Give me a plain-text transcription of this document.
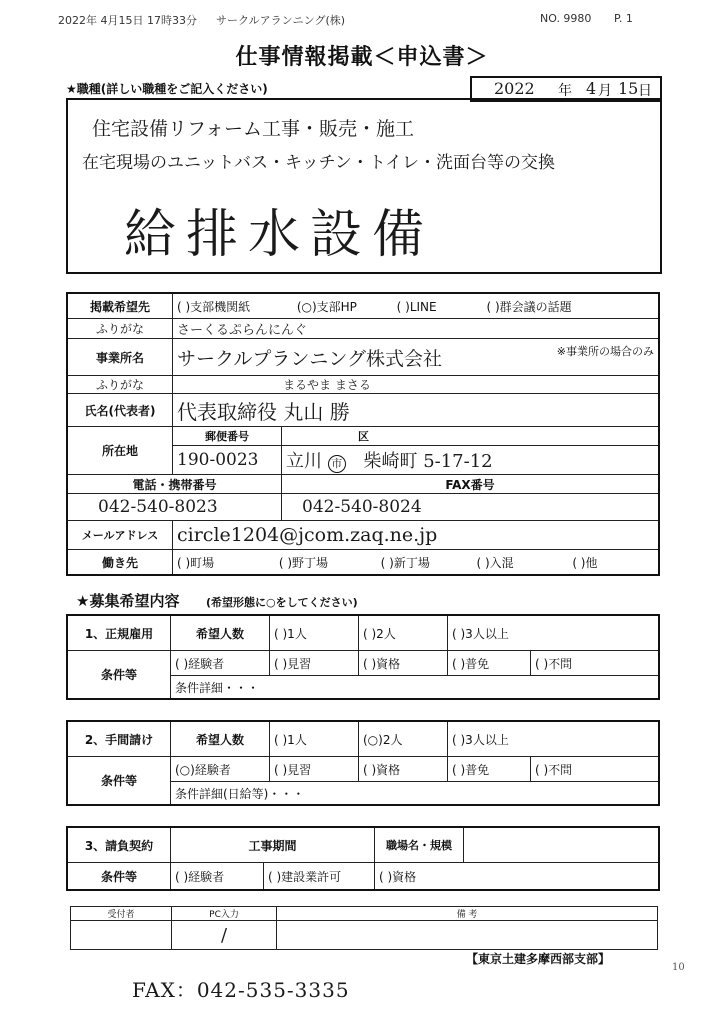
2022年 4月15日 17時33分 サークルアランニング(株)	NO. 9980 P. 1
仕事情報掲載＜申込書＞
★職種(詳しい職種をご記入ください)	2022 年 4 月 15 日
住宅設備リフォーム工事・販売・施工
在宅現場のユニットバス・キッチン・トイレ・洗面台等の交換
給排水設備
掲載希望先	( )支部機関紙 (○)支部HP ( )LINE ( )群会議の話題		
ふりがな	さーくるぷらんにんぐ		
事業所名	サークルプランニング株式会社		※事業所の場合のみ
ふりがな	まるやま まさる		
氏名(代表者)	代表取締役 丸山 勝		
所在地	郵便番号	区	
	190-0023	立川 市 柴崎町 5-17-12	
電話・携帯番号		FAX番号	
042-540-8023		042-540-8024	
メールアドレス	circle1204@jcom.zaq.ne.jp		
働き先	( )町場 ( )野丁場 ( )新丁場 ( )入混 ( )他		
★募集希望内容 (希望形態に○をしてください)
1、正規雇用	希望人数	( )1人	( )2人	( )3人以上	
条件等	( )経験者	( )見習	( )資格	( )普免	( )不問
	条件詳細・・・				
2、手間請け	希望人数	( )1人	(○)2人	( )3人以上	
条件等	(○)経験者	( )見習	( )資格	( )普免	( )不問
	条件詳細(日給等)・・・				
3、請負契約	工事期間		職場名・規模	
条件等	( )経験者	( )建設業許可	( )資格	
受付者	PC入力	備 考
	/	
【東京土建多摩西部支部】
10
FAX：042-535-3335
